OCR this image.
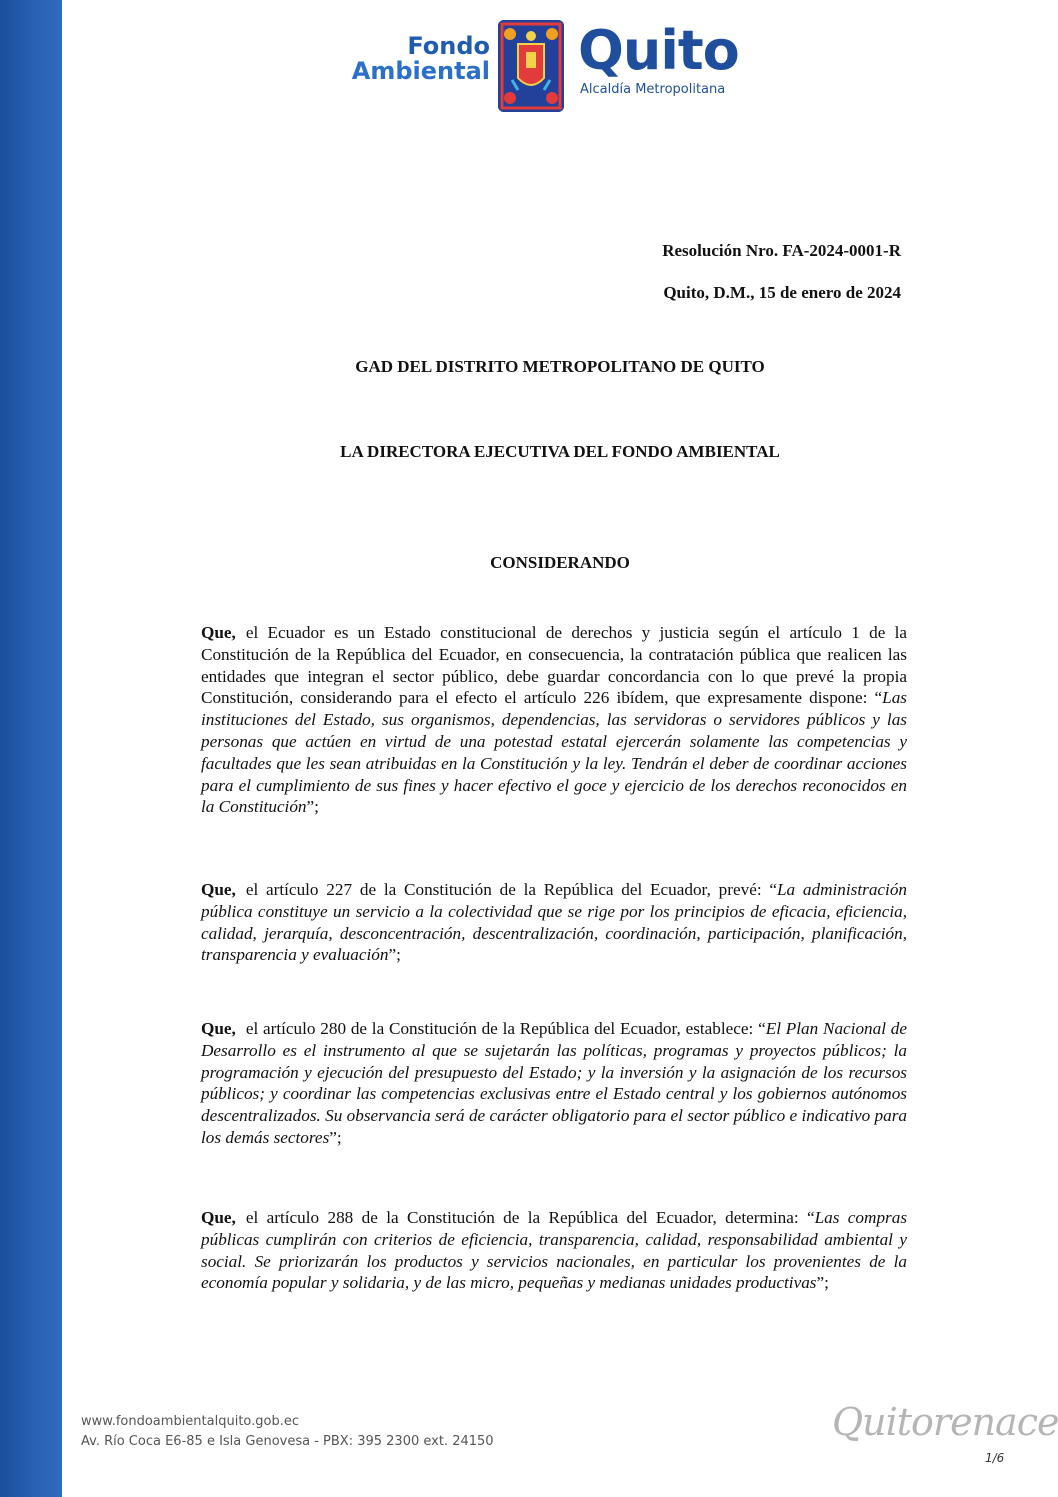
Fondo
Ambiental Quito
Alcaldía Metropolitana
Resolución Nro. FA-2024-0001-R
Quito, D.M., 15 de enero de 2024
GAD DEL DISTRITO METROPOLITANO DE QUITO
LA DIRECTORA EJECUTIVA DEL FONDO AMBIENTAL
CONSIDERANDO

Que, el Ecuador es un Estado constitucional de derechos y justicia según el artículo 1 de la Constitución de la República del Ecuador, en consecuencia, la contratación pública que realicen las entidades que integran el sector público, debe guardar concordancia con lo que prevé la propia Constitución, considerando para el efecto el artículo 226 ibídem, que expresamente dispone: “Las instituciones del Estado, sus organismos, dependencias, las servidoras o servidores públicos y las personas que actúen en virtud de una potestad estatal ejercerán solamente las competencias y facultades que les sean atribuidas en la Constitución y la ley. Tendrán el deber de coordinar acciones para el cumplimiento de sus fines y hacer efectivo el goce y ejercicio de los derechos reconocidos en la Constitución”;

Que, el artículo 227 de la Constitución de la República del Ecuador, prevé: “La administración pública constituye un servicio a la colectividad que se rige por los principios de eficacia, eficiencia, calidad, jerarquía, desconcentración, descentralización, coordinación, participación, planificación, transparencia y evaluación”;

Que, el artículo 280 de la Constitución de la República del Ecuador, establece: “El Plan Nacional de Desarrollo es el instrumento al que se sujetarán las políticas, programas y proyectos públicos; la programación y ejecución del presupuesto del Estado; y la inversión y la asignación de los recursos públicos; y coordinar las competencias exclusivas entre el Estado central y los gobiernos autónomos descentralizados. Su observancia será de carácter obligatorio para el sector público e indicativo para los demás sectores”;

Que, el artículo 288 de la Constitución de la República del Ecuador, determina: “Las compras públicas cumplirán con criterios de eficiencia, transparencia, calidad, responsabilidad ambiental y social. Se priorizarán los productos y servicios nacionales, en particular los provenientes de la economía popular y solidaria, y de las micro, pequeñas y medianas unidades productivas”;

www.fondoambientalquito.gob.ec
Av. Río Coca E6-85 e Isla Genovesa - PBX: 395 2300 ext. 24150	Quitorenace
1/6
